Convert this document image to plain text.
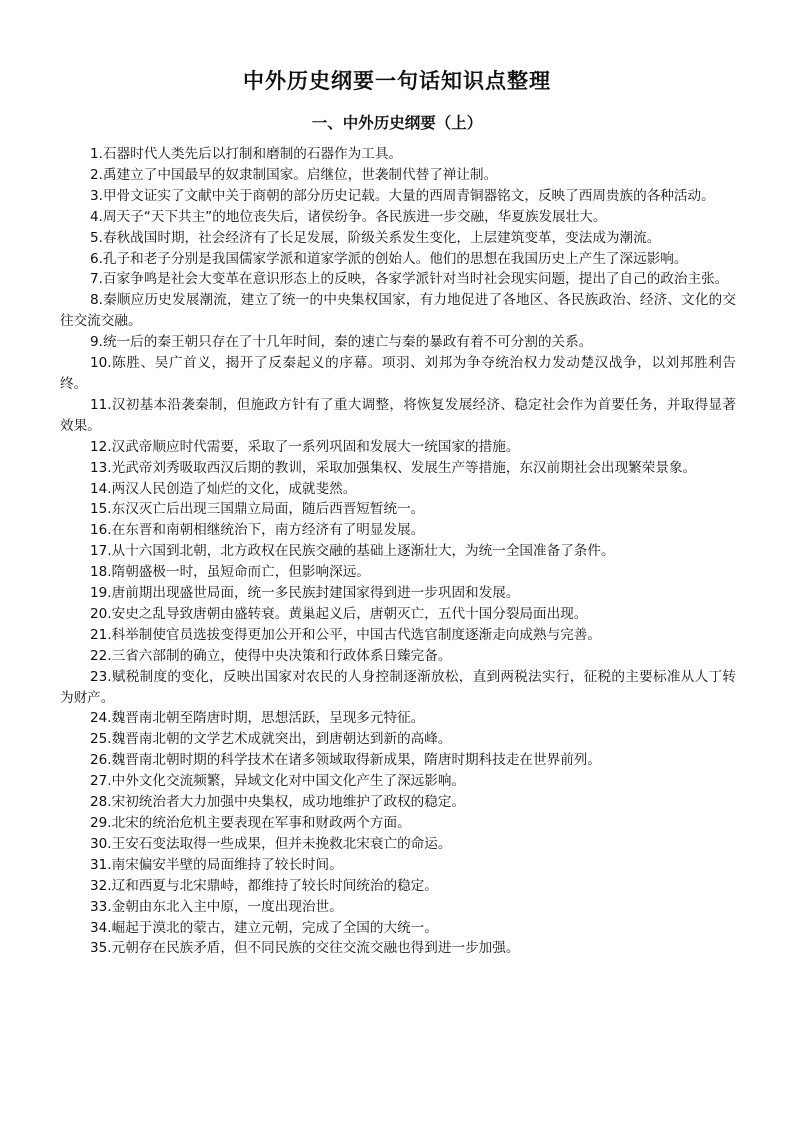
中外历史纲要一句话知识点整理
一、中外历史纲要（上）
1.石器时代人类先后以打制和磨制的石器作为工具。
2.禹建立了中国最早的奴隶制国家。启继位，世袭制代替了禅让制。
3.甲骨文证实了文献中关于商朝的部分历史记载。大量的西周青铜器铭文，反映了西周贵族的各种活动。
4.周天子“天下共主”的地位丧失后，诸侯纷争。各民族进一步交融，华夏族发展壮大。
5.春秋战国时期，社会经济有了长足发展，阶级关系发生变化，上层建筑变革，变法成为潮流。
6.孔子和老子分别是我国儒家学派和道家学派的创始人。他们的思想在我国历史上产生了深远影响。
7.百家争鸣是社会大变革在意识形态上的反映，各家学派针对当时社会现实问题，提出了自己的政治主张。
8.秦顺应历史发展潮流，建立了统一的中央集权国家，有力地促进了各地区、各民族政治、经济、文化的交往交流交融。
9.统一后的秦王朝只存在了十几年时间，秦的速亡与秦的暴政有着不可分割的关系。
10.陈胜、吴广首义，揭开了反秦起义的序幕。项羽、刘邦为争夺统治权力发动楚汉战争，以刘邦胜利告终。
11.汉初基本沿袭秦制，但施政方针有了重大调整，将恢复发展经济、稳定社会作为首要任务，并取得显著效果。
12.汉武帝顺应时代需要，采取了一系列巩固和发展大一统国家的措施。
13.光武帝刘秀吸取西汉后期的教训，采取加强集权、发展生产等措施，东汉前期社会出现繁荣景象。
14.两汉人民创造了灿烂的文化，成就斐然。
15.东汉灭亡后出现三国鼎立局面，随后西晋短暂统一。
16.在东晋和南朝相继统治下，南方经济有了明显发展。
17.从十六国到北朝，北方政权在民族交融的基础上逐渐壮大，为统一全国准备了条件。
18.隋朝盛极一时，虽短命而亡，但影响深远。
19.唐前期出现盛世局面，统一多民族封建国家得到进一步巩固和发展。
20.安史之乱导致唐朝由盛转衰。黄巢起义后，唐朝灭亡，五代十国分裂局面出现。
21.科举制使官员选拔变得更加公开和公平，中国古代选官制度逐渐走向成熟与完善。
22.三省六部制的确立，使得中央决策和行政体系日臻完备。
23.赋税制度的变化，反映出国家对农民的人身控制逐渐放松，直到两税法实行，征税的主要标准从人丁转为财产。
24.魏晋南北朝至隋唐时期，思想活跃，呈现多元特征。
25.魏晋南北朝的文学艺术成就突出，到唐朝达到新的高峰。
26.魏晋南北朝时期的科学技术在诸多领域取得新成果，隋唐时期科技走在世界前列。
27.中外文化交流频繁，异域文化对中国文化产生了深远影响。
28.宋初统治者大力加强中央集权，成功地维护了政权的稳定。
29.北宋的统治危机主要表现在军事和财政两个方面。
30.王安石变法取得一些成果，但并未挽救北宋衰亡的命运。
31.南宋偏安半壁的局面维持了较长时间。
32.辽和西夏与北宋鼎峙，都维持了较长时间统治的稳定。
33.金朝由东北入主中原，一度出现治世。
34.崛起于漠北的蒙古，建立元朝，完成了全国的大统一。
35.元朝存在民族矛盾，但不同民族的交往交流交融也得到进一步加强。
